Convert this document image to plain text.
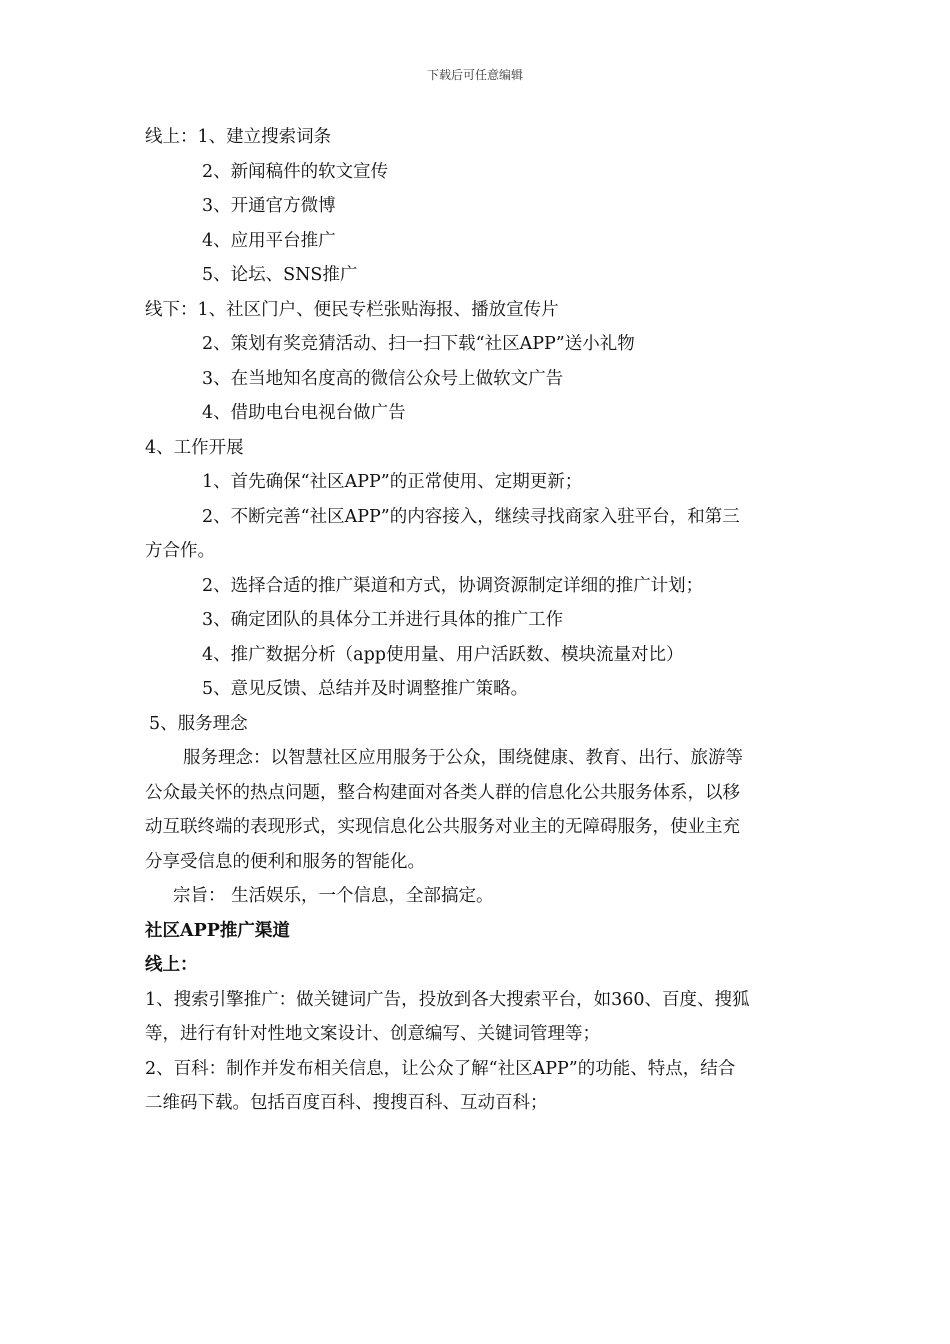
下载后可任意编辑
线上：1、建立搜索词条
2、新闻稿件的软文宣传
3、开通官方微博
4、应用平台推广
5、论坛、SNS推广
线下：1、社区门户、便民专栏张贴海报、播放宣传片
2、策划有奖竞猜活动、扫一扫下载“社区APP”送小礼物
3、在当地知名度高的微信公众号上做软文广告
4、借助电台电视台做广告
4、工作开展
1、首先确保“社区APP”的正常使用、定期更新；
2、不断完善“社区APP”的内容接入，继续寻找商家入驻平台，和第三
方合作。
2、选择合适的推广渠道和方式，协调资源制定详细的推广计划；
3、确定团队的具体分工并进行具体的推广工作
4、推广数据分析（app使用量、用户活跃数、模块流量对比）
5、意见反馈、总结并及时调整推广策略。
5、服务理念
服务理念：以智慧社区应用服务于公众，围绕健康、教育、出行、旅游等
公众最关怀的热点问题，整合构建面对各类人群的信息化公共服务体系，以移
动互联终端的表现形式，实现信息化公共服务对业主的无障碍服务，使业主充
分享受信息的便利和服务的智能化。
宗旨： 生活娱乐，一个信息，全部搞定。
社区APP推广渠道
线上：
1、搜索引擎推广：做关键词广告，投放到各大搜索平台，如360、百度、搜狐
等，进行有针对性地文案设计、创意编写、关键词管理等；
2、百科：制作并发布相关信息，让公众了解“社区APP”的功能、特点，结合
二维码下载。包括百度百科、搜搜百科、互动百科；
